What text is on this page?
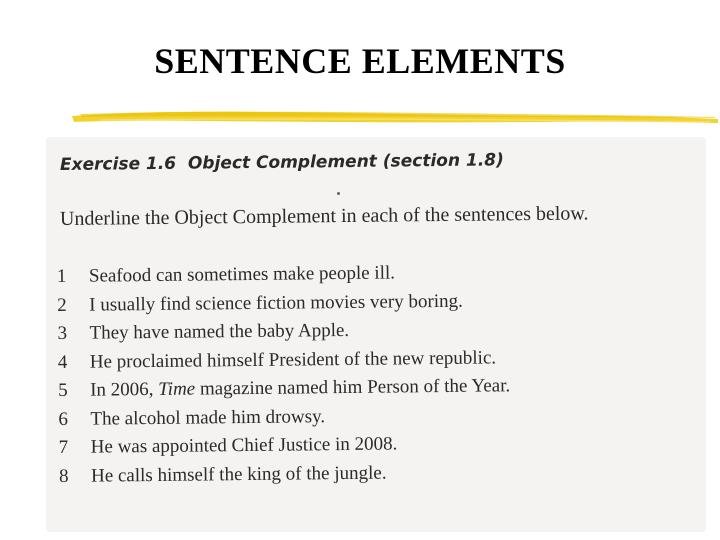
SENTENCE ELEMENTS
Exercise 1.6 Object Complement (section 1.8)
Underline the Object Complement in each of the sentences below.
1 Seafood can sometimes make people ill.
2 I usually find science fiction movies very boring.
3 They have named the baby Apple.
4 He proclaimed himself President of the new republic.
5 In 2006, Time magazine named him Person of the Year.
6 The alcohol made him drowsy.
7 He was appointed Chief Justice in 2008.
8 He calls himself the king of the jungle.
